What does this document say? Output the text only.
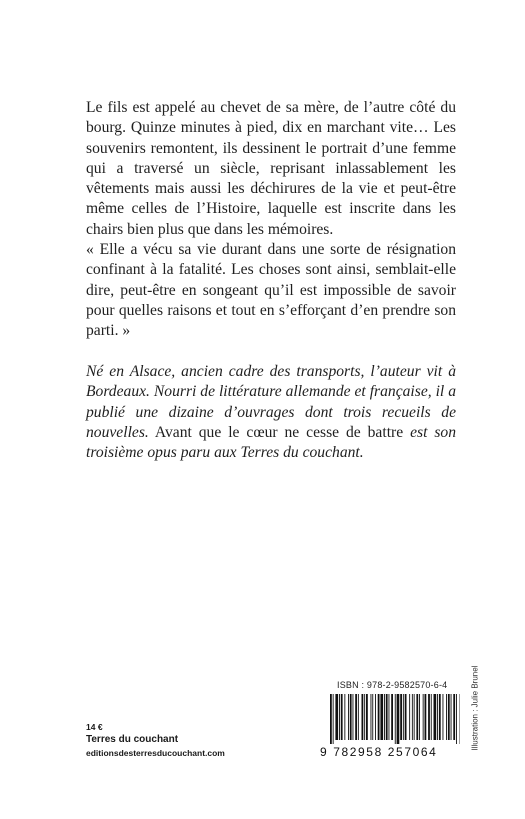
Le fils est appelé au chevet de sa mère, de l’autre côté du bourg. Quinze minutes à pied, dix en marchant vite… Les souvenirs remontent, ils dessinent le portrait d’une femme qui a traversé un siècle, reprisant inlassablement les vêtements mais aussi les déchirures de la vie et peut-être même celles de l’Histoire, laquelle est inscrite dans les chairs bien plus que dans les mémoires.

« Elle a vécu sa vie durant dans une sorte de résignation confinant à la fatalité. Les choses sont ainsi, semblait-elle dire, peut-être en songeant qu’il est impossible de savoir pour quelles raisons et tout en s’efforçant d’en prendre son parti. »

Né en Alsace, ancien cadre des transports, l’auteur vit à Bordeaux. Nourri de littérature allemande et française, il a publié une dizaine d’ouvrages dont trois recueils de nouvelles. Avant que le cœur ne cesse de battre est son troisième opus paru aux Terres du couchant.

ISBN : 978-2-9582570-6-4
9 782958 257064
Illustration : Julie Brunel
14 €
Terres du couchant
editionsdesterresducouchant.com
